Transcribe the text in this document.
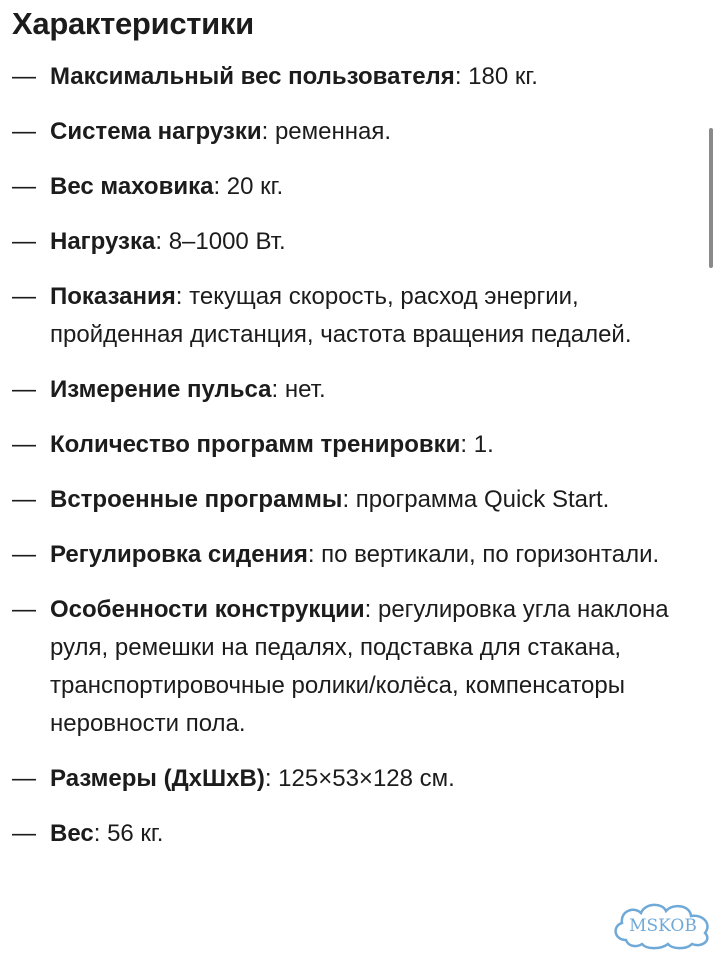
Характеристики
— Максимальный вес пользователя: 180 кг.
— Система нагрузки: ременная.
— Вес маховика: 20 кг.
— Нагрузка: 8–1000 Вт.
— Показания: текущая скорость, расход энергии, пройденная дистанция, частота вращения педалей.
— Измерение пульса: нет.
— Количество программ тренировки: 1.
— Встроенные программы: программа Quick Start.
— Регулировка сидения: по вертикали, по горизонтали.
— Особенности конструкции: регулировка угла наклона руля, ремешки на педалях, подставка для стакана, транспортировочные ролики/колёса, компенсаторы неровности пола.
— Размеры (ДхШхВ): 125×53×128 см.
— Вес: 56 кг.
MSKOB
